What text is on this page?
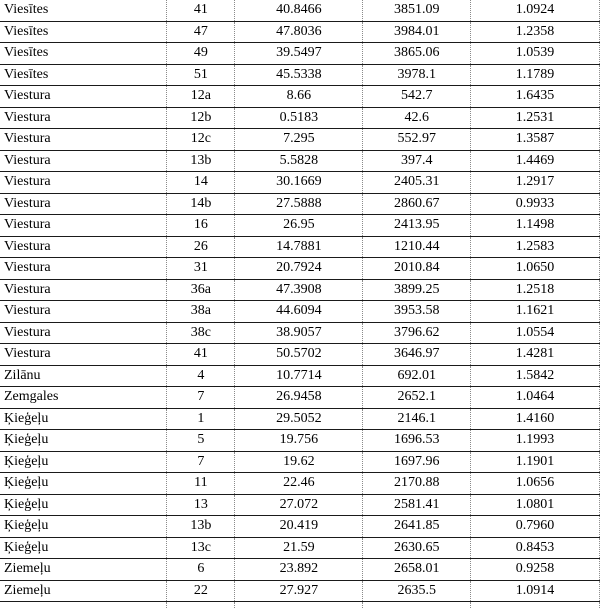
Viesītes	41	40.8466	3851.09	1.0924
Viesītes	47	47.8036	3984.01	1.2358
Viesītes	49	39.5497	3865.06	1.0539
Viesītes	51	45.5338	3978.1	1.1789
Viestura	12a	8.66	542.7	1.6435
Viestura	12b	0.5183	42.6	1.2531
Viestura	12c	7.295	552.97	1.3587
Viestura	13b	5.5828	397.4	1.4469
Viestura	14	30.1669	2405.31	1.2917
Viestura	14b	27.5888	2860.67	0.9933
Viestura	16	26.95	2413.95	1.1498
Viestura	26	14.7881	1210.44	1.2583
Viestura	31	20.7924	2010.84	1.0650
Viestura	36a	47.3908	3899.25	1.2518
Viestura	38a	44.6094	3953.58	1.1621
Viestura	38c	38.9057	3796.62	1.0554
Viestura	41	50.5702	3646.97	1.4281
Zilānu	4	10.7714	692.01	1.5842
Zemgales	7	26.9458	2652.1	1.0464
Ķieģeļu	1	29.5052	2146.1	1.4160
Ķieģeļu	5	19.756	1696.53	1.1993
Ķieģeļu	7	19.62	1697.96	1.1901
Ķieģeļu	11	22.46	2170.88	1.0656
Ķieģeļu	13	27.072	2581.41	1.0801
Ķieģeļu	13b	20.419	2641.85	0.7960
Ķieģeļu	13c	21.59	2630.65	0.8453
Ziemeļu	6	23.892	2658.01	0.9258
Ziemeļu	22	27.927	2635.5	1.0914
